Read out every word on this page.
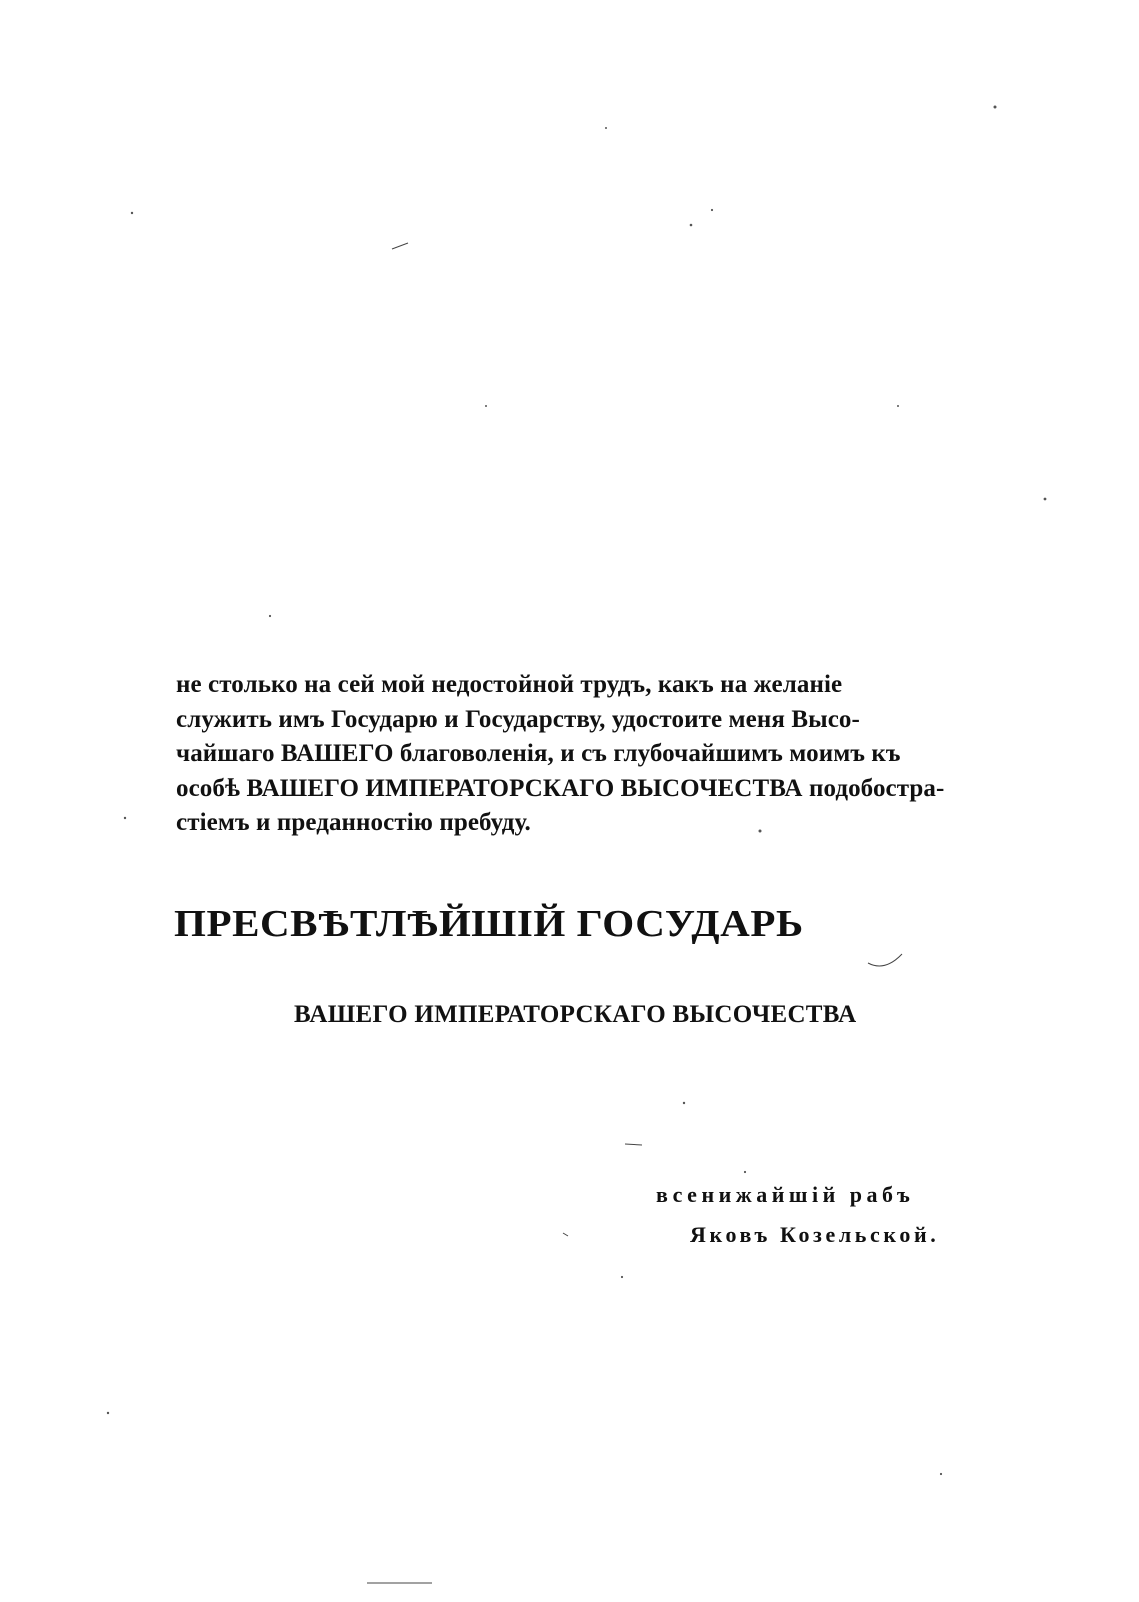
не столько на сей мой недостойной трудъ, какъ на желанiе
служить имъ Государю и Государству, удостоите меня Высо-
чайшаго ВАШЕГО благоволенiя, и съ глубочайшимъ моимъ къ
особѣ ВАШЕГО ИМПЕРАТОРСКАГО ВЫСОЧЕСТВА подобостра-
стiемъ и преданностiю пребуду.
ПРЕСВѢТЛѢЙШIЙ ГОСУДАРЬ
ВАШЕГО ИМПЕРАТОРСКАГО ВЫСОЧЕСТВА
всенижайшiй рабъ
Яковъ Козельской.
